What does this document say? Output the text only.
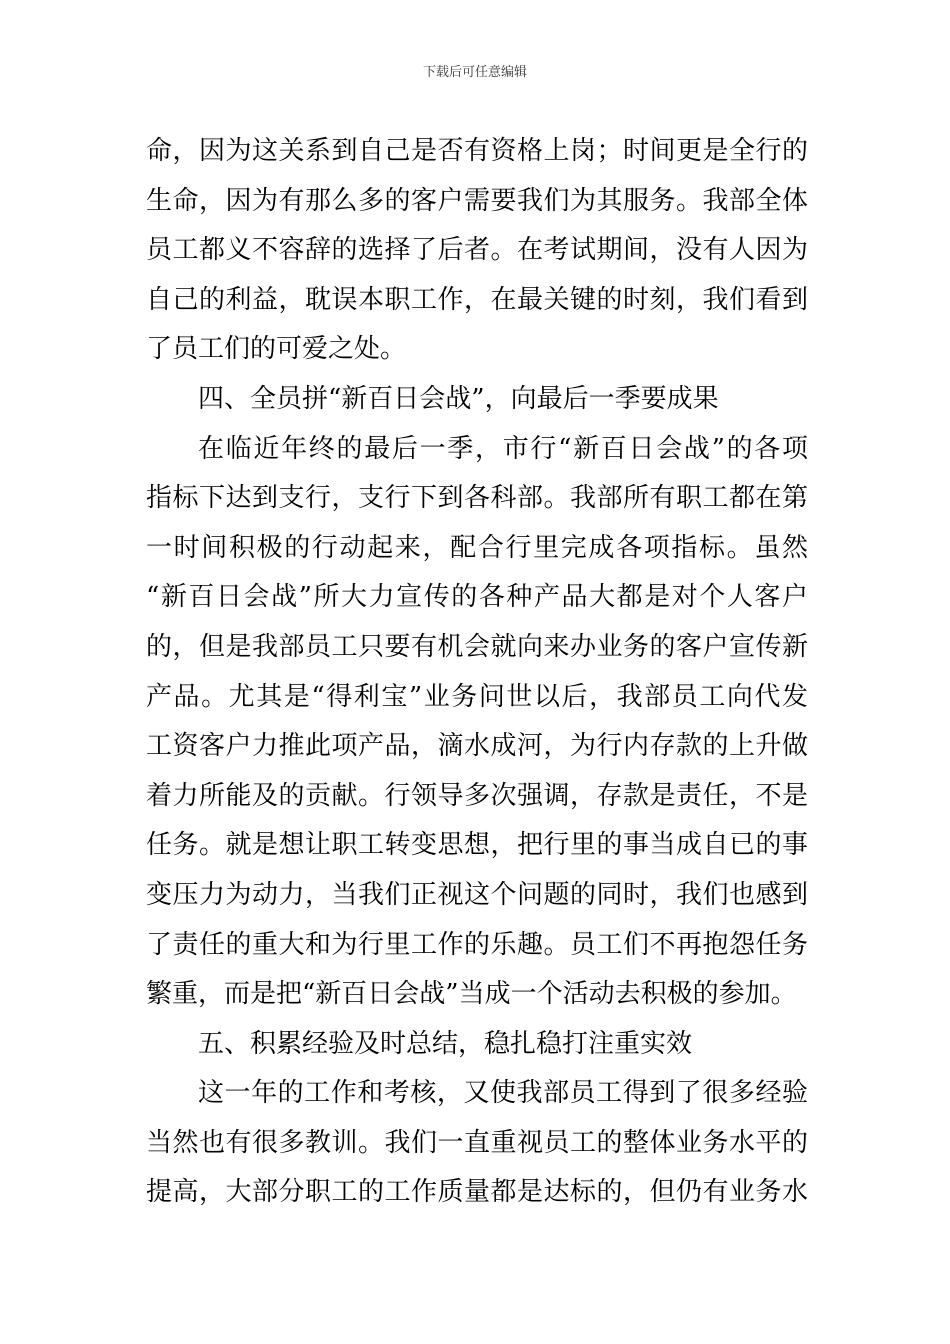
下载后可任意编辑
命，因为这关系到自己是否有资格上岗；时间更是全行的
生命，因为有那么多的客户需要我们为其服务。我部全体
员工都义不容辞的选择了后者。在考试期间，没有人因为
自己的利益，耽误本职工作，在最关键的时刻，我们看到
了员工们的可爱之处。
四、全员拼“新百日会战”，向最后一季要成果
在临近年终的最后一季，市行“新百日会战”的各项
指标下达到支行，支行下到各科部。我部所有职工都在第
一时间积极的行动起来，配合行里完成各项指标。虽然
“新百日会战”所大力宣传的各种产品大都是对个人客户
的，但是我部员工只要有机会就向来办业务的客户宣传新
产品。尤其是“得利宝”业务问世以后，我部员工向代发
工资客户力推此项产品，滴水成河，为行内存款的上升做
着力所能及的贡献。行领导多次强调，存款是责任，不是
任务。就是想让职工转变思想，把行里的事当成自已的事
变压力为动力，当我们正视这个问题的同时，我们也感到
了责任的重大和为行里工作的乐趣。员工们不再抱怨任务
繁重，而是把“新百日会战”当成一个活动去积极的参加。
五、积累经验及时总结，稳扎稳打注重实效
这一年的工作和考核，又使我部员工得到了很多经验
当然也有很多教训。我们一直重视员工的整体业务水平的
提高，大部分职工的工作质量都是达标的，但仍有业务水
